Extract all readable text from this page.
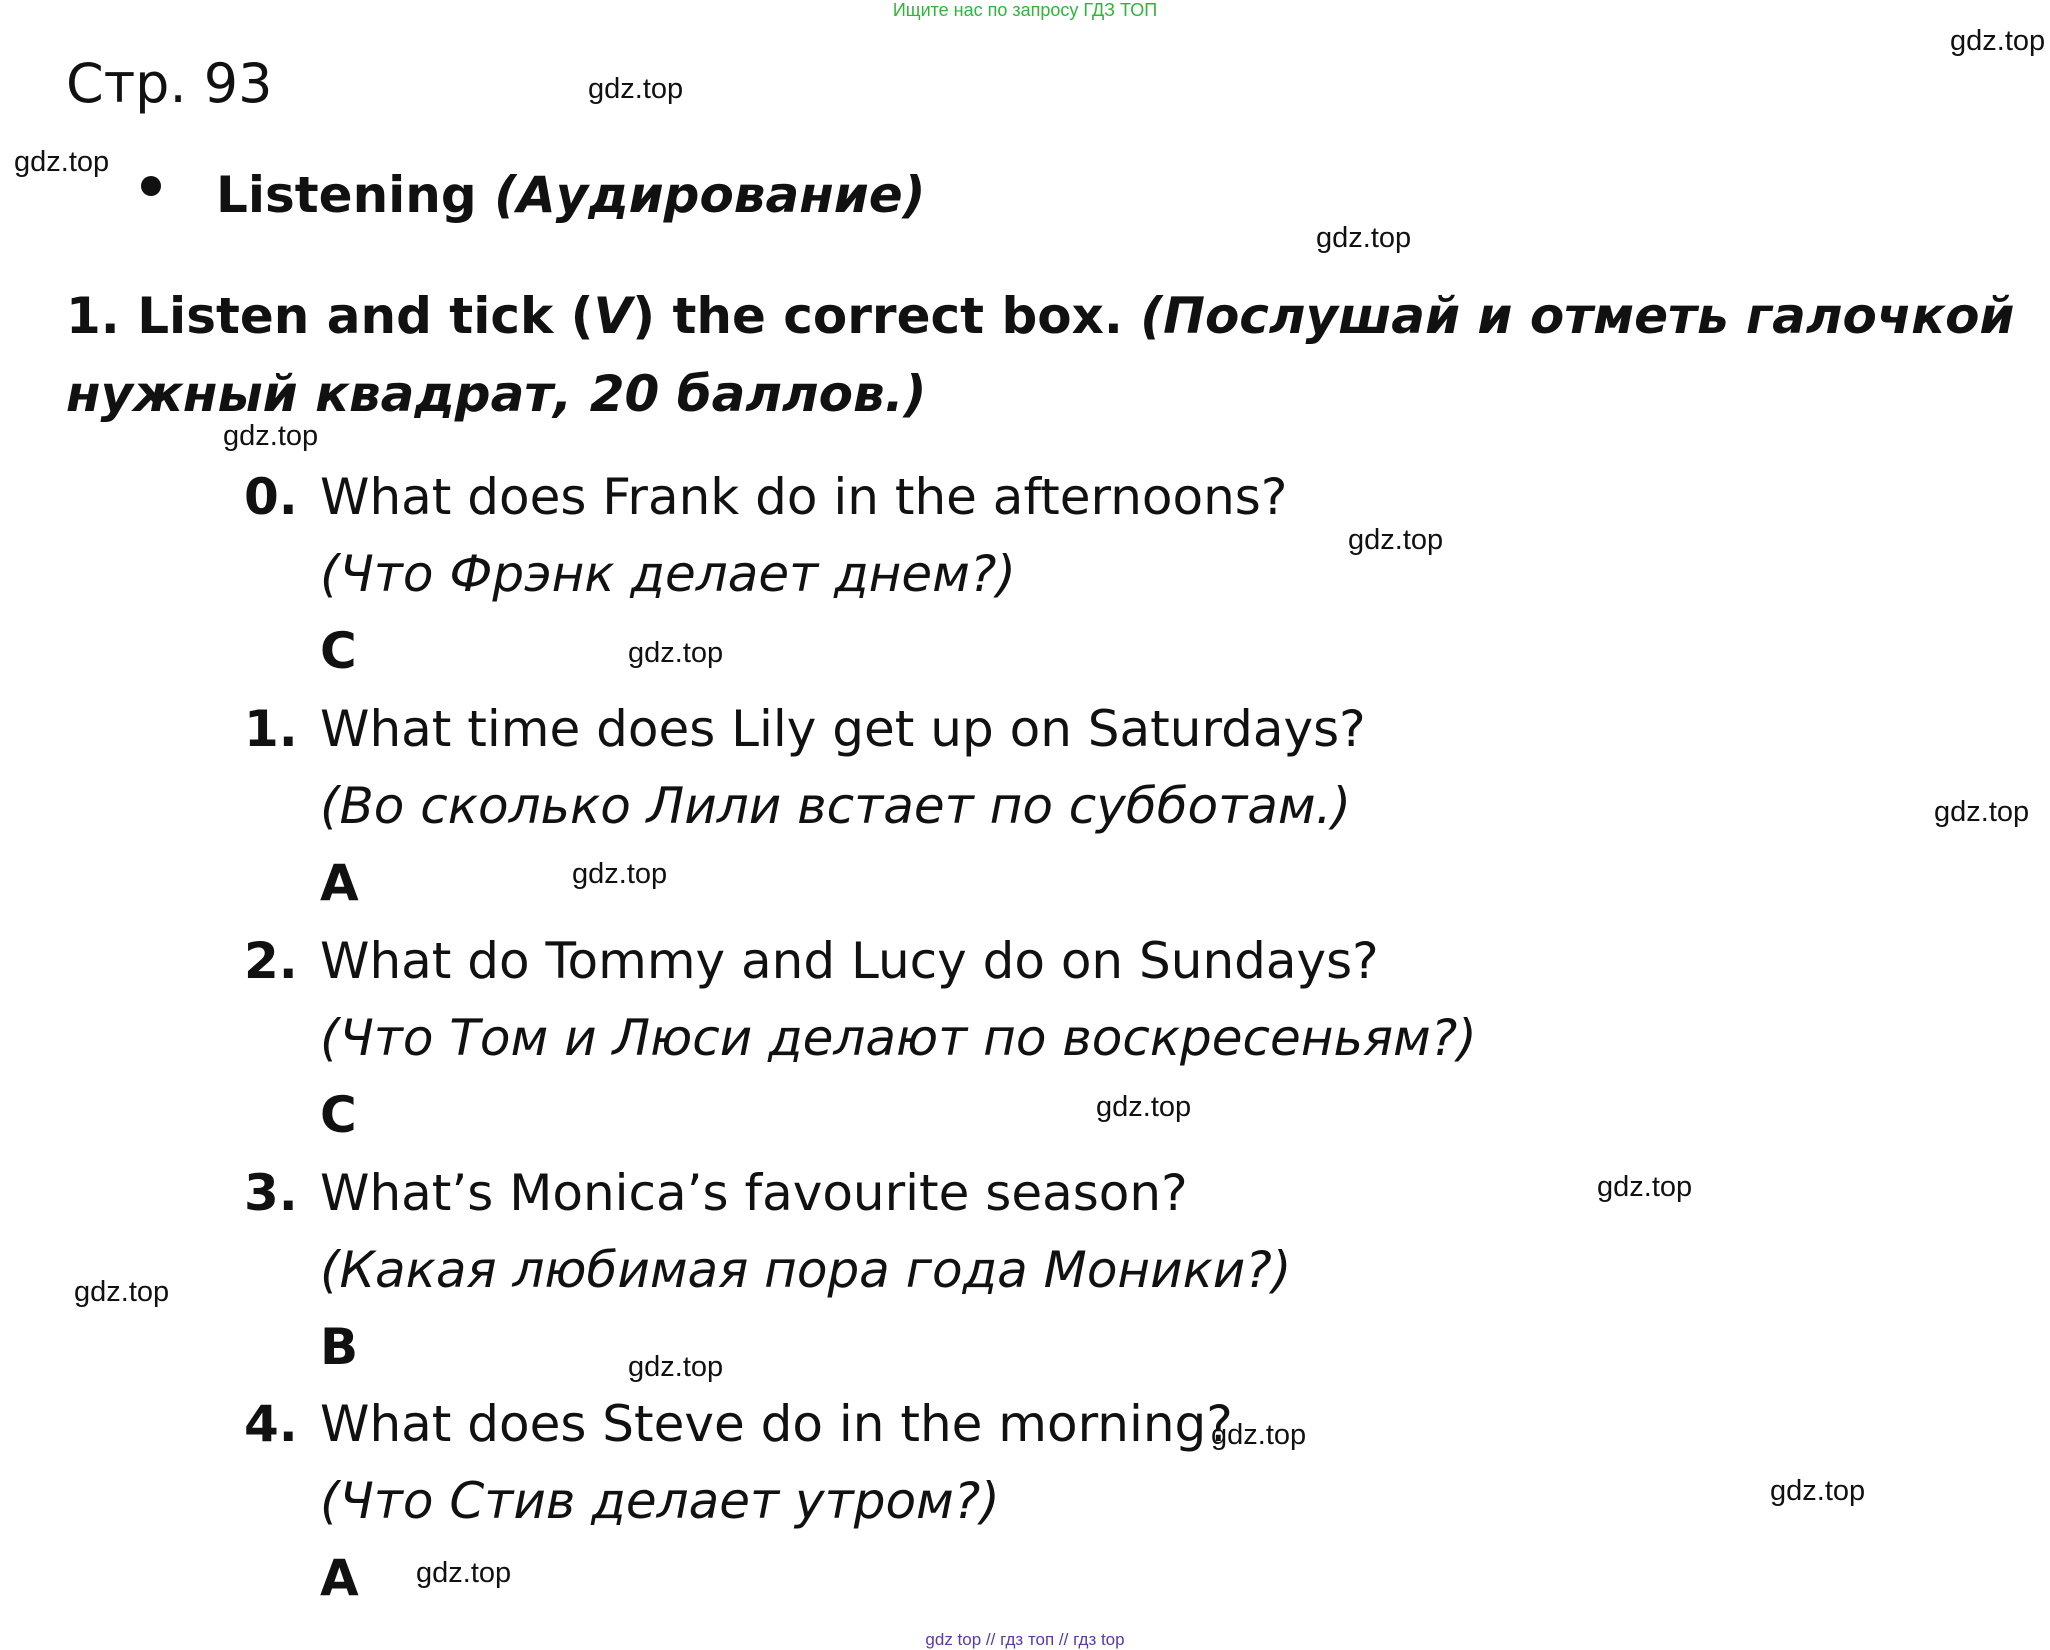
Ищите нас по запросу ГДЗ ТОП
Стр. 93
Listening (Аудирование)
1. Listen and tick (V) the correct box. (Послушай и отметь галочкой нужный квадрат, 20 баллов.)
0. What does Frank do in the afternoons?
(Что Фрэнк делает днем?)
C
1. What time does Lily get up on Saturdays?
(Во сколько Лили встает по субботам.)
A
2. What do Tommy and Lucy do on Sundays?
(Что Том и Люси делают по воскресеньям?)
C
3. What’s Monica’s favourite season?
(Какая любимая пора года Моники?)
B
4. What does Steve do in the morning?
(Что Стив делает утром?)
A
gdz.top
gdz.top
gdz.top
gdz.top
gdz.top
gdz.top
gdz.top
gdz.top
gdz.top
gdz.top
gdz.top
gdz.top
gdz.top
gdz.top
gdz.top
gdz.top
gdz top // гдз топ // гдз top
